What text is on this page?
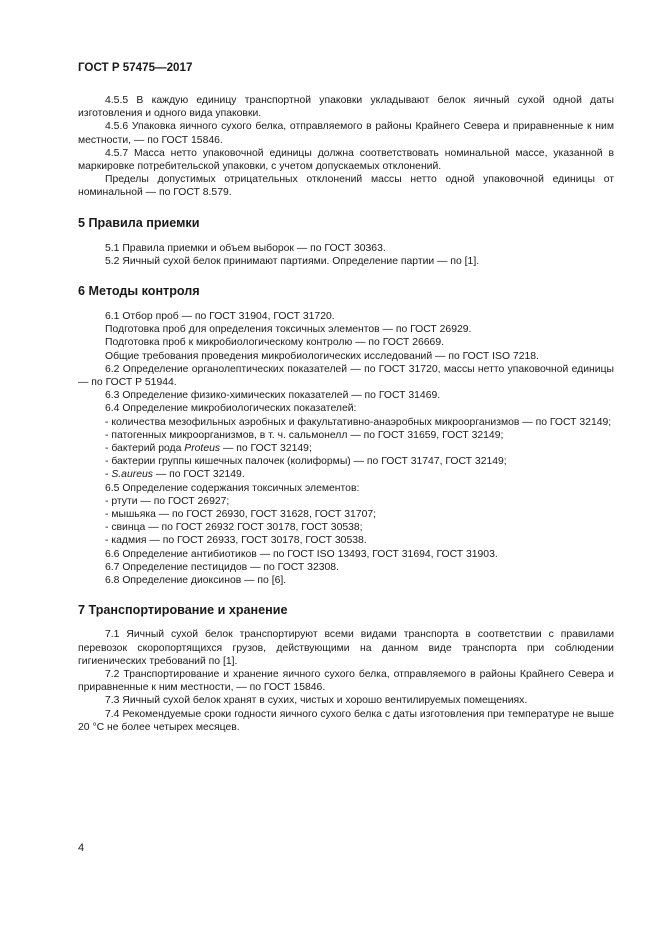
ГОСТ Р 57475—2017

4.5.5 В каждую единицу транспортной упаковки укладывают белок яичный сухой одной даты изготовления и одного вида упаковки.

4.5.6 Упаковка яичного сухого белка, отправляемого в районы Крайнего Севера и приравненные к ним местности, — по ГОСТ 15846.

4.5.7 Масса нетто упаковочной единицы должна соответствовать номинальной массе, указанной в маркировке потребительской упаковки, с учетом допускаемых отклонений.

Пределы допустимых отрицательных отклонений массы нетто одной упаковочной единицы от номинальной — по ГОСТ 8.579.

5 Правила приемки

5.1 Правила приемки и объем выборок — по ГОСТ 30363.

5.2 Яичный сухой белок принимают партиями. Определение партии — по [1].

6 Методы контроля

6.1 Отбор проб — по ГОСТ 31904, ГОСТ 31720.

Подготовка проб для определения токсичных элементов — по ГОСТ 26929.

Подготовка проб к микробиологическому контролю — по ГОСТ 26669.

Общие требования проведения микробиологических исследований — по ГОСТ ISO 7218.

6.2 Определение органолептических показателей — по ГОСТ 31720, массы нетто упаковочной единицы — по ГОСТ Р 51944.

6.3 Определение физико-химических показателей — по ГОСТ 31469.

6.4 Определение микробиологических показателей:

- количества мезофильных аэробных и факультативно-анаэробных микроорганизмов — по ГОСТ 32149;

- патогенных микроорганизмов, в т. ч. сальмонелл — по ГОСТ 31659, ГОСТ 32149;

- бактерий рода Proteus — по ГОСТ 32149;

- бактерии группы кишечных палочек (колиформы) — по ГОСТ 31747, ГОСТ 32149;

- S.aureus — по ГОСТ 32149.

6.5 Определение содержания токсичных элементов:

- ртути — по ГОСТ 26927;

- мышьяка — по ГОСТ 26930, ГОСТ 31628, ГОСТ 31707;

- свинца — по ГОСТ 26932 ГОСТ 30178, ГОСТ 30538;

- кадмия — по ГОСТ 26933, ГОСТ 30178, ГОСТ 30538.

6.6 Определение антибиотиков — по ГОСТ ISO 13493, ГОСТ 31694, ГОСТ 31903.

6.7 Определение пестицидов — по ГОСТ 32308.

6.8 Определение диоксинов — по [6].

7 Транспортирование и хранение

7.1 Яичный сухой белок транспортируют всеми видами транспорта в соответствии с правилами перевозок скоропортящихся грузов, действующими на данном виде транспорта при соблюдении гигиенических требований по [1].

7.2 Транспортирование и хранение яичного сухого белка, отправляемого в районы Крайнего Севера и приравненные к ним местности, — по ГОСТ 15846.

7.3 Яичный сухой белок хранят в сухих, чистых и хорошо вентилируемых помещениях.

7.4 Рекомендуемые сроки годности яичного сухого белка с даты изготовления при температуре не выше 20 °С не более четырех месяцев.

4
